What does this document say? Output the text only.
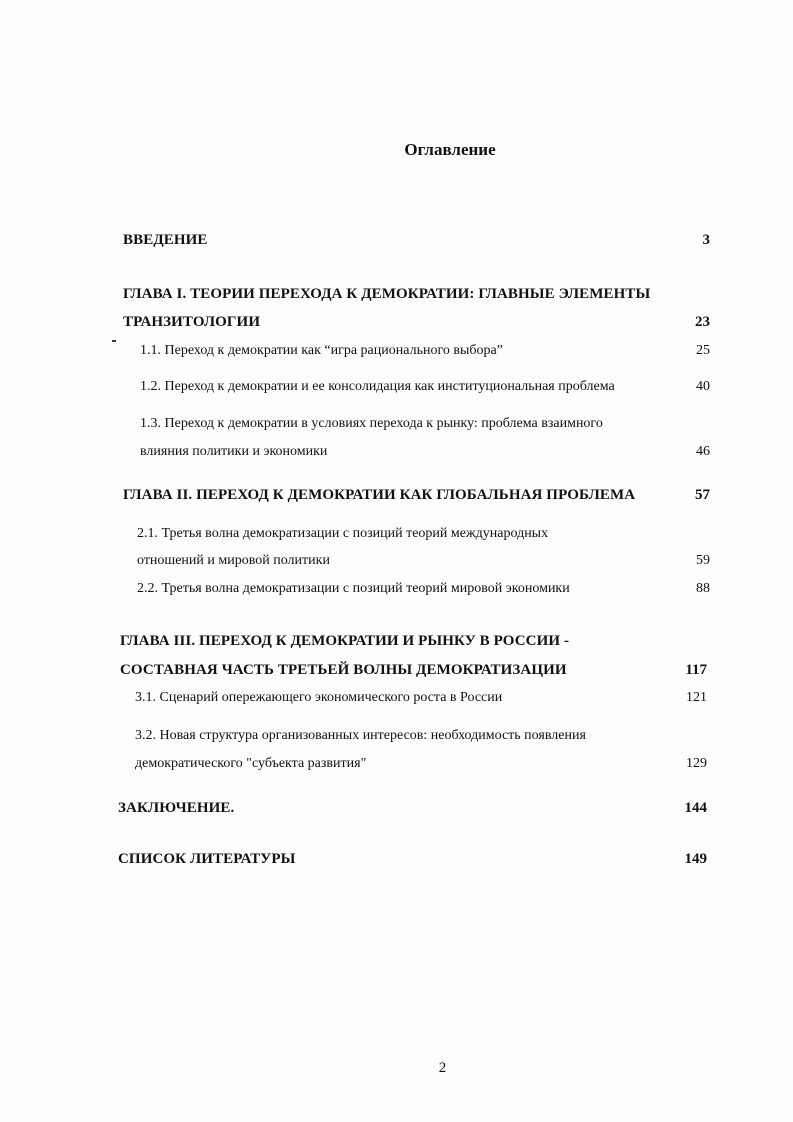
Оглавление
ВВЕДЕНИЕ	3
ГЛАВА I. ТЕОРИИ ПЕРЕХОДА К ДЕМОКРАТИИ: ГЛАВНЫЕ ЭЛЕМЕНТЫ
ТРАНЗИТОЛОГИИ	23
1.1. Переход к демократии как “игра рационального выбора”	25
1.2. Переход к демократии и ее консолидация как институциональная проблема	40
1.3. Переход к демократии в условиях перехода к рынку: проблема взаимного
влияния политики и экономики	46
ГЛАВА II. ПЕРЕХОД К ДЕМОКРАТИИ КАК ГЛОБАЛЬНАЯ ПРОБЛЕМА	57
2.1. Третья волна демократизации с позиций теорий международных
отношений и мировой политики	59
2.2. Третья волна демократизации с позиций теорий мировой экономики	88
ГЛАВА III. ПЕРЕХОД К ДЕМОКРАТИИ И РЫНКУ В РОССИИ -
СОСТАВНАЯ ЧАСТЬ ТРЕТЬЕЙ ВОЛНЫ ДЕМОКРАТИЗАЦИИ	117
3.1. Сценарий опережающего экономического роста в России	121
3.2. Новая структура организованных интересов: необходимость появления
демократического "субъекта развития"	129
ЗАКЛЮЧЕНИЕ.	144
СПИСОК ЛИТЕРАТУРЫ	149
2
